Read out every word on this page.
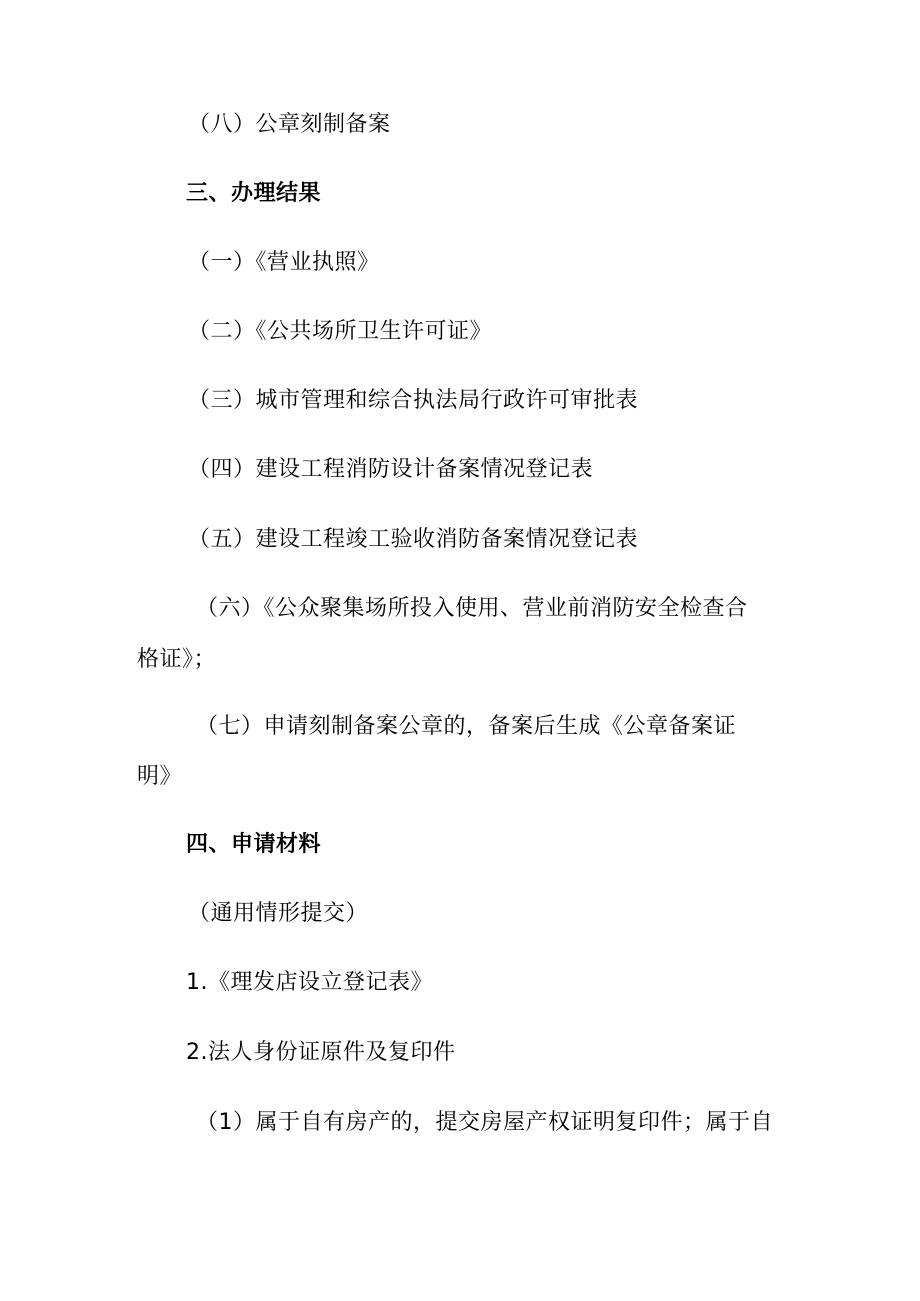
（八）公章刻制备案
三、办理结果
（一）《营业执照》
（二）《公共场所卫生许可证》
（三）城市管理和综合执法局行政许可审批表
（四）建设工程消防设计备案情况登记表
（五）建设工程竣工验收消防备案情况登记表
（六）《公众聚集场所投入使用、营业前消防安全检查合
格证》；
（七）申请刻制备案公章的，备案后生成《公章备案证
明》
四、申请材料
（通用情形提交）
1.《理发店设立登记表》
2.法人身份证原件及复印件
（1）属于自有房产的，提交房屋产权证明复印件；属于自
